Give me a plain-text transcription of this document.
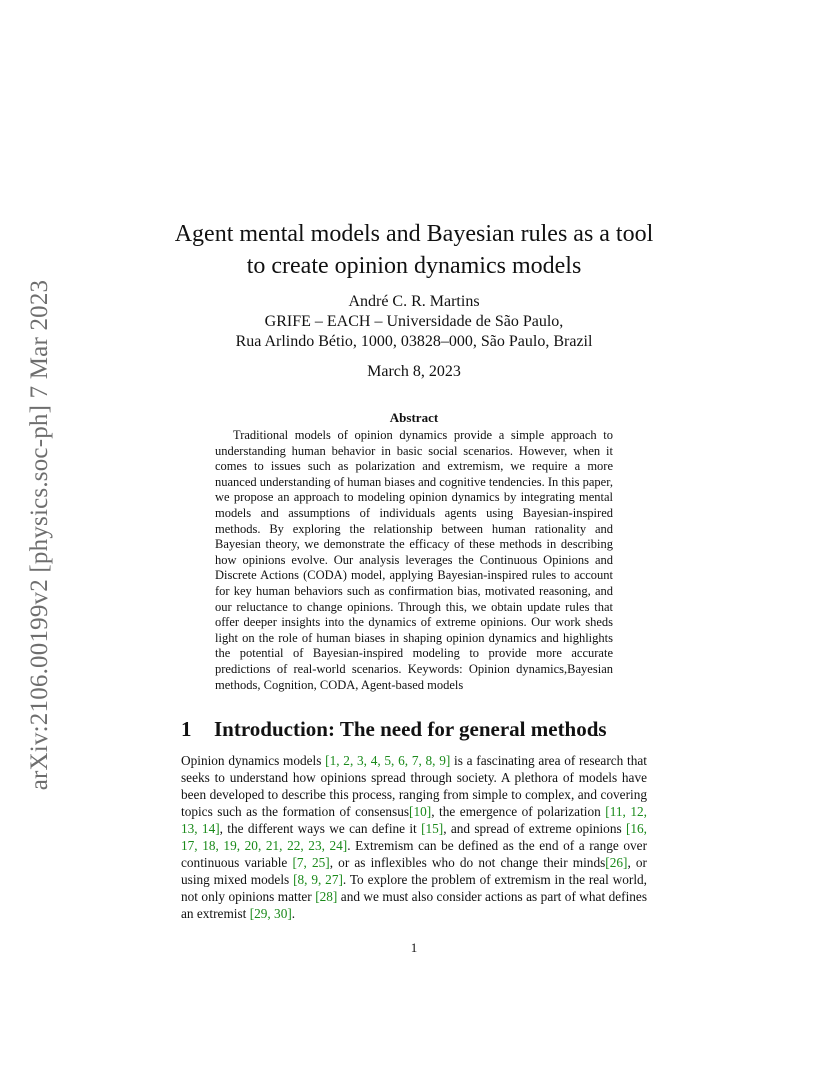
arXiv:2106.00199v2 [physics.soc-ph] 7 Mar 2023
Agent mental models and Bayesian rules as a tool
to create opinion dynamics models
André C. R. Martins
GRIFE – EACH – Universidade de São Paulo,
Rua Arlindo Bétio, 1000, 03828–000, São Paulo, Brazil
March 8, 2023
Abstract

Traditional models of opinion dynamics provide a simple approach to understanding human behavior in basic social scenarios. However, when it comes to issues such as polarization and extremism, we require a more nuanced understanding of human biases and cognitive tendencies. In this paper, we propose an approach to modeling opinion dynamics by integrating mental models and assumptions of individuals agents using Bayesian-inspired methods. By exploring the relationship between human rationality and Bayesian theory, we demonstrate the efficacy of these methods in describing how opinions evolve. Our analysis leverages the Continuous Opinions and Discrete Actions (CODA) model, applying Bayesian-inspired rules to account for key human behaviors such as confirmation bias, motivated reasoning, and our reluctance to change opinions. Through this, we obtain update rules that offer deeper insights into the dynamics of extreme opinions. Our work sheds light on the role of human biases in shaping opinion dynamics and highlights the potential of Bayesian-inspired modeling to provide more accurate predictions of real-world scenarios. Keywords: Opinion dynamics,Bayesian methods, Cognition, CODA, Agent-based models

1 Introduction: The need for general methods

Opinion dynamics models [1, 2, 3, 4, 5, 6, 7, 8, 9] is a fascinating area of research that seeks to understand how opinions spread through society. A plethora of models have been developed to describe this process, ranging from simple to complex, and covering topics such as the formation of consensus[10], the emergence of polarization [11, 12, 13, 14], the different ways we can define it [15], and spread of extreme opinions [16, 17, 18, 19, 20, 21, 22, 23, 24]. Extremism can be defined as the end of a range over continuous variable [7, 25], or as inflexibles who do not change their minds[26], or using mixed models [8, 9, 27]. To explore the problem of extremism in the real world, not only opinions matter [28] and we must also consider actions as part of what defines an extremist [29, 30].

1
